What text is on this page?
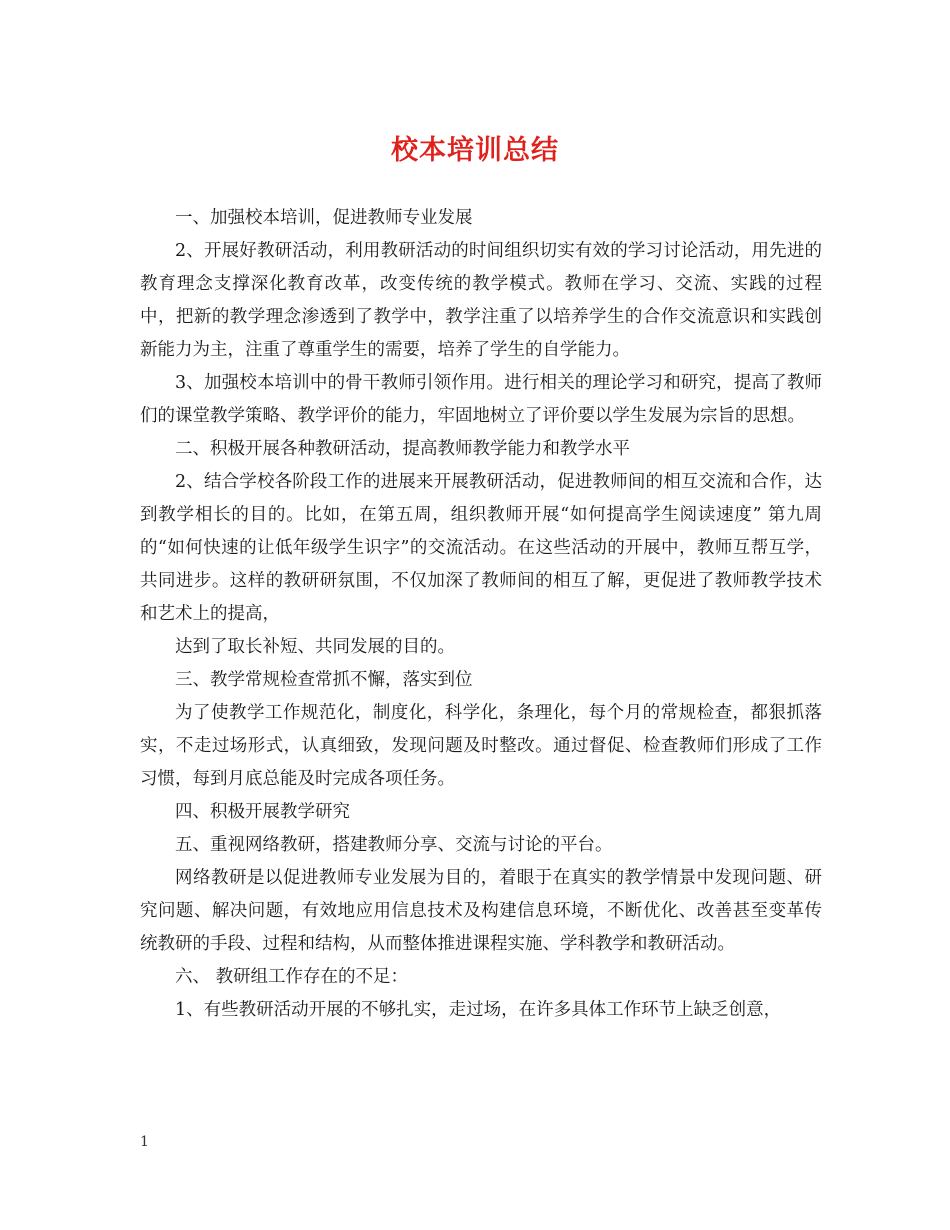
校本培训总结

一、加强校本培训，促进教师专业发展

2、开展好教研活动，利用教研活动的时间组织切实有效的学习讨论活动，用先进的教育理念支撑深化教育改革，改变传统的教学模式。教师在学习、交流、实践的过程中，把新的教学理念渗透到了教学中，教学注重了以培养学生的合作交流意识和实践创新能力为主，注重了尊重学生的需要，培养了学生的自学能力。

3、加强校本培训中的骨干教师引领作用。进行相关的理论学习和研究，提高了教师们的课堂教学策略、教学评价的能力，牢固地树立了评价要以学生发展为宗旨的思想。

二、积极开展各种教研活动，提高教师教学能力和教学水平

2、结合学校各阶段工作的进展来开展教研活动，促进教师间的相互交流和合作，达到教学相长的目的。比如，在第五周，组织教师开展“如何提高学生阅读速度” 第九周的“如何快速的让低年级学生识字”的交流活动。在这些活动的开展中，教师互帮互学，共同进步。这样的教研研氛围，不仅加深了教师间的相互了解，更促进了教师教学技术和艺术上的提高，

达到了取长补短、共同发展的目的。

三、教学常规检查常抓不懈，落实到位

为了使教学工作规范化，制度化，科学化，条理化，每个月的常规检查，都狠抓落实，不走过场形式，认真细致，发现问题及时整改。通过督促、检查教师们形成了工作习惯，每到月底总能及时完成各项任务。

四、积极开展教学研究

五、重视网络教研，搭建教师分享、交流与讨论的平台。

网络教研是以促进教师专业发展为目的，着眼于在真实的教学情景中发现问题、研究问题、解决问题，有效地应用信息技术及构建信息环境，不断优化、改善甚至变革传统教研的手段、过程和结构，从而整体推进课程实施、学科教学和教研活动。

六、 教研组工作存在的不足：

1、有些教研活动开展的不够扎实，走过场，在许多具体工作环节上缺乏创意，

1
